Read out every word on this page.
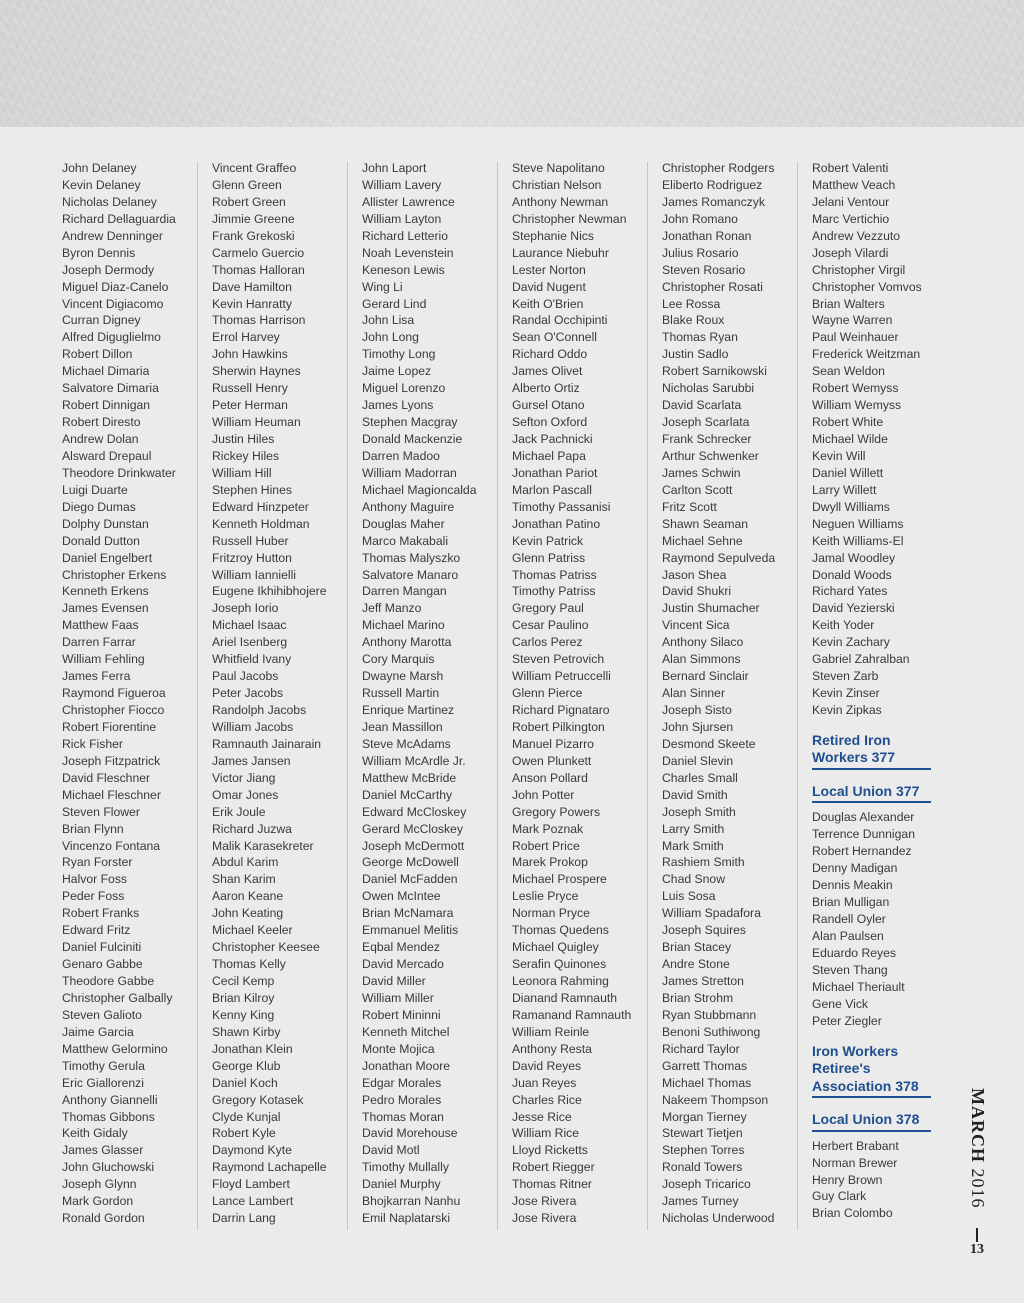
John Delaney
Kevin Delaney
Nicholas Delaney
Richard Dellaguardia
Andrew Denninger
Byron Dennis
Joseph Dermody
Miguel Diaz-Canelo
Vincent Digiacomo
Curran Digney
Alfred Diguglielmo
Robert Dillon
Michael Dimaria
Salvatore Dimaria
Robert Dinnigan
Robert Diresto
Andrew Dolan
Alsward Drepaul
Theodore Drinkwater
Luigi Duarte
Diego Dumas
Dolphy Dunstan
Donald Dutton
Daniel Engelbert
Christopher Erkens
Kenneth Erkens
James Evensen
Matthew Faas
Darren Farrar
William Fehling
James Ferra
Raymond Figueroa
Christopher Fiocco
Robert Fiorentine
Rick Fisher
Joseph Fitzpatrick
David Fleschner
Michael Fleschner
Steven Flower
Brian Flynn
Vincenzo Fontana
Ryan Forster
Halvor Foss
Peder Foss
Robert Franks
Edward Fritz
Daniel Fulciniti
Genaro Gabbe
Theodore Gabbe
Christopher Galbally
Steven Galioto
Jaime Garcia
Matthew Gelormino
Timothy Gerula
Eric Giallorenzi
Anthony Giannelli
Thomas Gibbons
Keith Gidaly
James Glasser
John Gluchowski
Joseph Glynn
Mark Gordon
Ronald Gordon
Vincent Graffeo
Glenn Green
Robert Green
Jimmie Greene
Frank Grekoski
Carmelo Guercio
Thomas Halloran
Dave Hamilton
Kevin Hanratty
Thomas Harrison
Errol Harvey
John Hawkins
Sherwin Haynes
Russell Henry
Peter Herman
William Heuman
Justin Hiles
Rickey Hiles
William Hill
Stephen Hines
Edward Hinzpeter
Kenneth Holdman
Russell Huber
Fritzroy Hutton
William Iannielli
Eugene Ikhihibhojere
Joseph Iorio
Michael Isaac
Ariel Isenberg
Whitfield Ivany
Paul Jacobs
Peter Jacobs
Randolph Jacobs
William Jacobs
Ramnauth Jainarain
James Jansen
Victor Jiang
Omar Jones
Erik Joule
Richard Juzwa
Malik Karasekreter
Abdul Karim
Shan Karim
Aaron Keane
John Keating
Michael Keeler
Christopher Keesee
Thomas Kelly
Cecil Kemp
Brian Kilroy
Kenny King
Shawn Kirby
Jonathan Klein
George Klub
Daniel Koch
Gregory Kotasek
Clyde Kunjal
Robert Kyle
Daymond Kyte
Raymond Lachapelle
Floyd Lambert
Lance Lambert
Darrin Lang
John Laport
William Lavery
Allister Lawrence
William Layton
Richard Letterio
Noah Levenstein
Keneson Lewis
Wing Li
Gerard Lind
John Lisa
John Long
Timothy Long
Jaime Lopez
Miguel Lorenzo
James Lyons
Stephen Macgray
Donald Mackenzie
Darren Madoo
William Madorran
Michael Magioncalda
Anthony Maguire
Douglas Maher
Marco Makabali
Thomas Malyszko
Salvatore Manaro
Darren Mangan
Jeff Manzo
Michael Marino
Anthony Marotta
Cory Marquis
Dwayne Marsh
Russell Martin
Enrique Martinez
Jean Massillon
Steve McAdams
William McArdle Jr.
Matthew McBride
Daniel McCarthy
Edward McCloskey
Gerard McCloskey
Joseph McDermott
George McDowell
Daniel McFadden
Owen McIntee
Brian McNamara
Emmanuel Melitis
Eqbal Mendez
David Mercado
David Miller
William Miller
Robert Mininni
Kenneth Mitchel
Monte Mojica
Jonathan Moore
Edgar Morales
Pedro Morales
Thomas Moran
David Morehouse
David Motl
Timothy Mullally
Daniel Murphy
Bhojkarran Nanhu
Emil Naplatarski
Steve Napolitano
Christian Nelson
Anthony Newman
Christopher Newman
Stephanie Nics
Laurance Niebuhr
Lester Norton
David Nugent
Keith O'Brien
Randal Occhipinti
Sean O'Connell
Richard Oddo
James Olivet
Alberto Ortiz
Gursel Otano
Sefton Oxford
Jack Pachnicki
Michael Papa
Jonathan Pariot
Marlon Pascall
Timothy Passanisi
Jonathan Patino
Kevin Patrick
Glenn Patriss
Thomas Patriss
Timothy Patriss
Gregory Paul
Cesar Paulino
Carlos Perez
Steven Petrovich
William Petruccelli
Glenn Pierce
Richard Pignataro
Robert Pilkington
Manuel Pizarro
Owen Plunkett
Anson Pollard
John Potter
Gregory Powers
Mark Poznak
Robert Price
Marek Prokop
Michael Prospere
Leslie Pryce
Norman Pryce
Thomas Quedens
Michael Quigley
Serafin Quinones
Leonora Rahming
Dianand Ramnauth
Ramanand Ramnauth
William Reinle
Anthony Resta
David Reyes
Juan Reyes
Charles Rice
Jesse Rice
William Rice
Lloyd Ricketts
Robert Riegger
Thomas Ritner
Jose Rivera
Jose Rivera
Christopher Rodgers
Eliberto Rodriguez
James Romanczyk
John Romano
Jonathan Ronan
Julius Rosario
Steven Rosario
Christopher Rosati
Lee Rossa
Blake Roux
Thomas Ryan
Justin Sadlo
Robert Sarnikowski
Nicholas Sarubbi
David Scarlata
Joseph Scarlata
Frank Schrecker
Arthur Schwenker
James Schwin
Carlton Scott
Fritz Scott
Shawn Seaman
Michael Sehne
Raymond Sepulveda
Jason Shea
David Shukri
Justin Shumacher
Vincent Sica
Anthony Silaco
Alan Simmons
Bernard Sinclair
Alan Sinner
Joseph Sisto
John Sjursen
Desmond Skeete
Daniel Slevin
Charles Small
David Smith
Joseph Smith
Larry Smith
Mark Smith
Rashiem Smith
Chad Snow
Luis Sosa
William Spadafora
Joseph Squires
Brian Stacey
Andre Stone
James Stretton
Brian Strohm
Ryan Stubbmann
Benoni Suthiwong
Richard Taylor
Garrett Thomas
Michael Thomas
Nakeem Thompson
Morgan Tierney
Stewart Tietjen
Stephen Torres
Ronald Towers
Joseph Tricarico
James Turney
Nicholas Underwood
Robert Valenti
Matthew Veach
Jelani Ventour
Marc Vertichio
Andrew Vezzuto
Joseph Vilardi
Christopher Virgil
Christopher Vomvos
Brian Walters
Wayne Warren
Paul Weinhauer
Frederick Weitzman
Sean Weldon
Robert Wemyss
William Wemyss
Robert White
Michael Wilde
Kevin Will
Daniel Willett
Larry Willett
Dwyll Williams
Neguen Williams
Keith Williams-El
Jamal Woodley
Donald Woods
Richard Yates
David Yezierski
Keith Yoder
Kevin Zachary
Gabriel Zahralban
Steven Zarb
Kevin Zinser
Kevin Zipkas
Retired Iron Workers 377
Local Union 377
Douglas Alexander
Terrence Dunnigan
Robert Hernandez
Denny Madigan
Dennis Meakin
Brian Mulligan
Randell Oyler
Alan Paulsen
Eduardo Reyes
Steven Thang
Michael Theriault
Gene Vick
Peter Ziegler
Iron Workers Retiree's Association 378
Local Union 378
Herbert Brabant
Norman Brewer
Henry Brown
Guy Clark
Brian Colombo
MARCH 2016
13
